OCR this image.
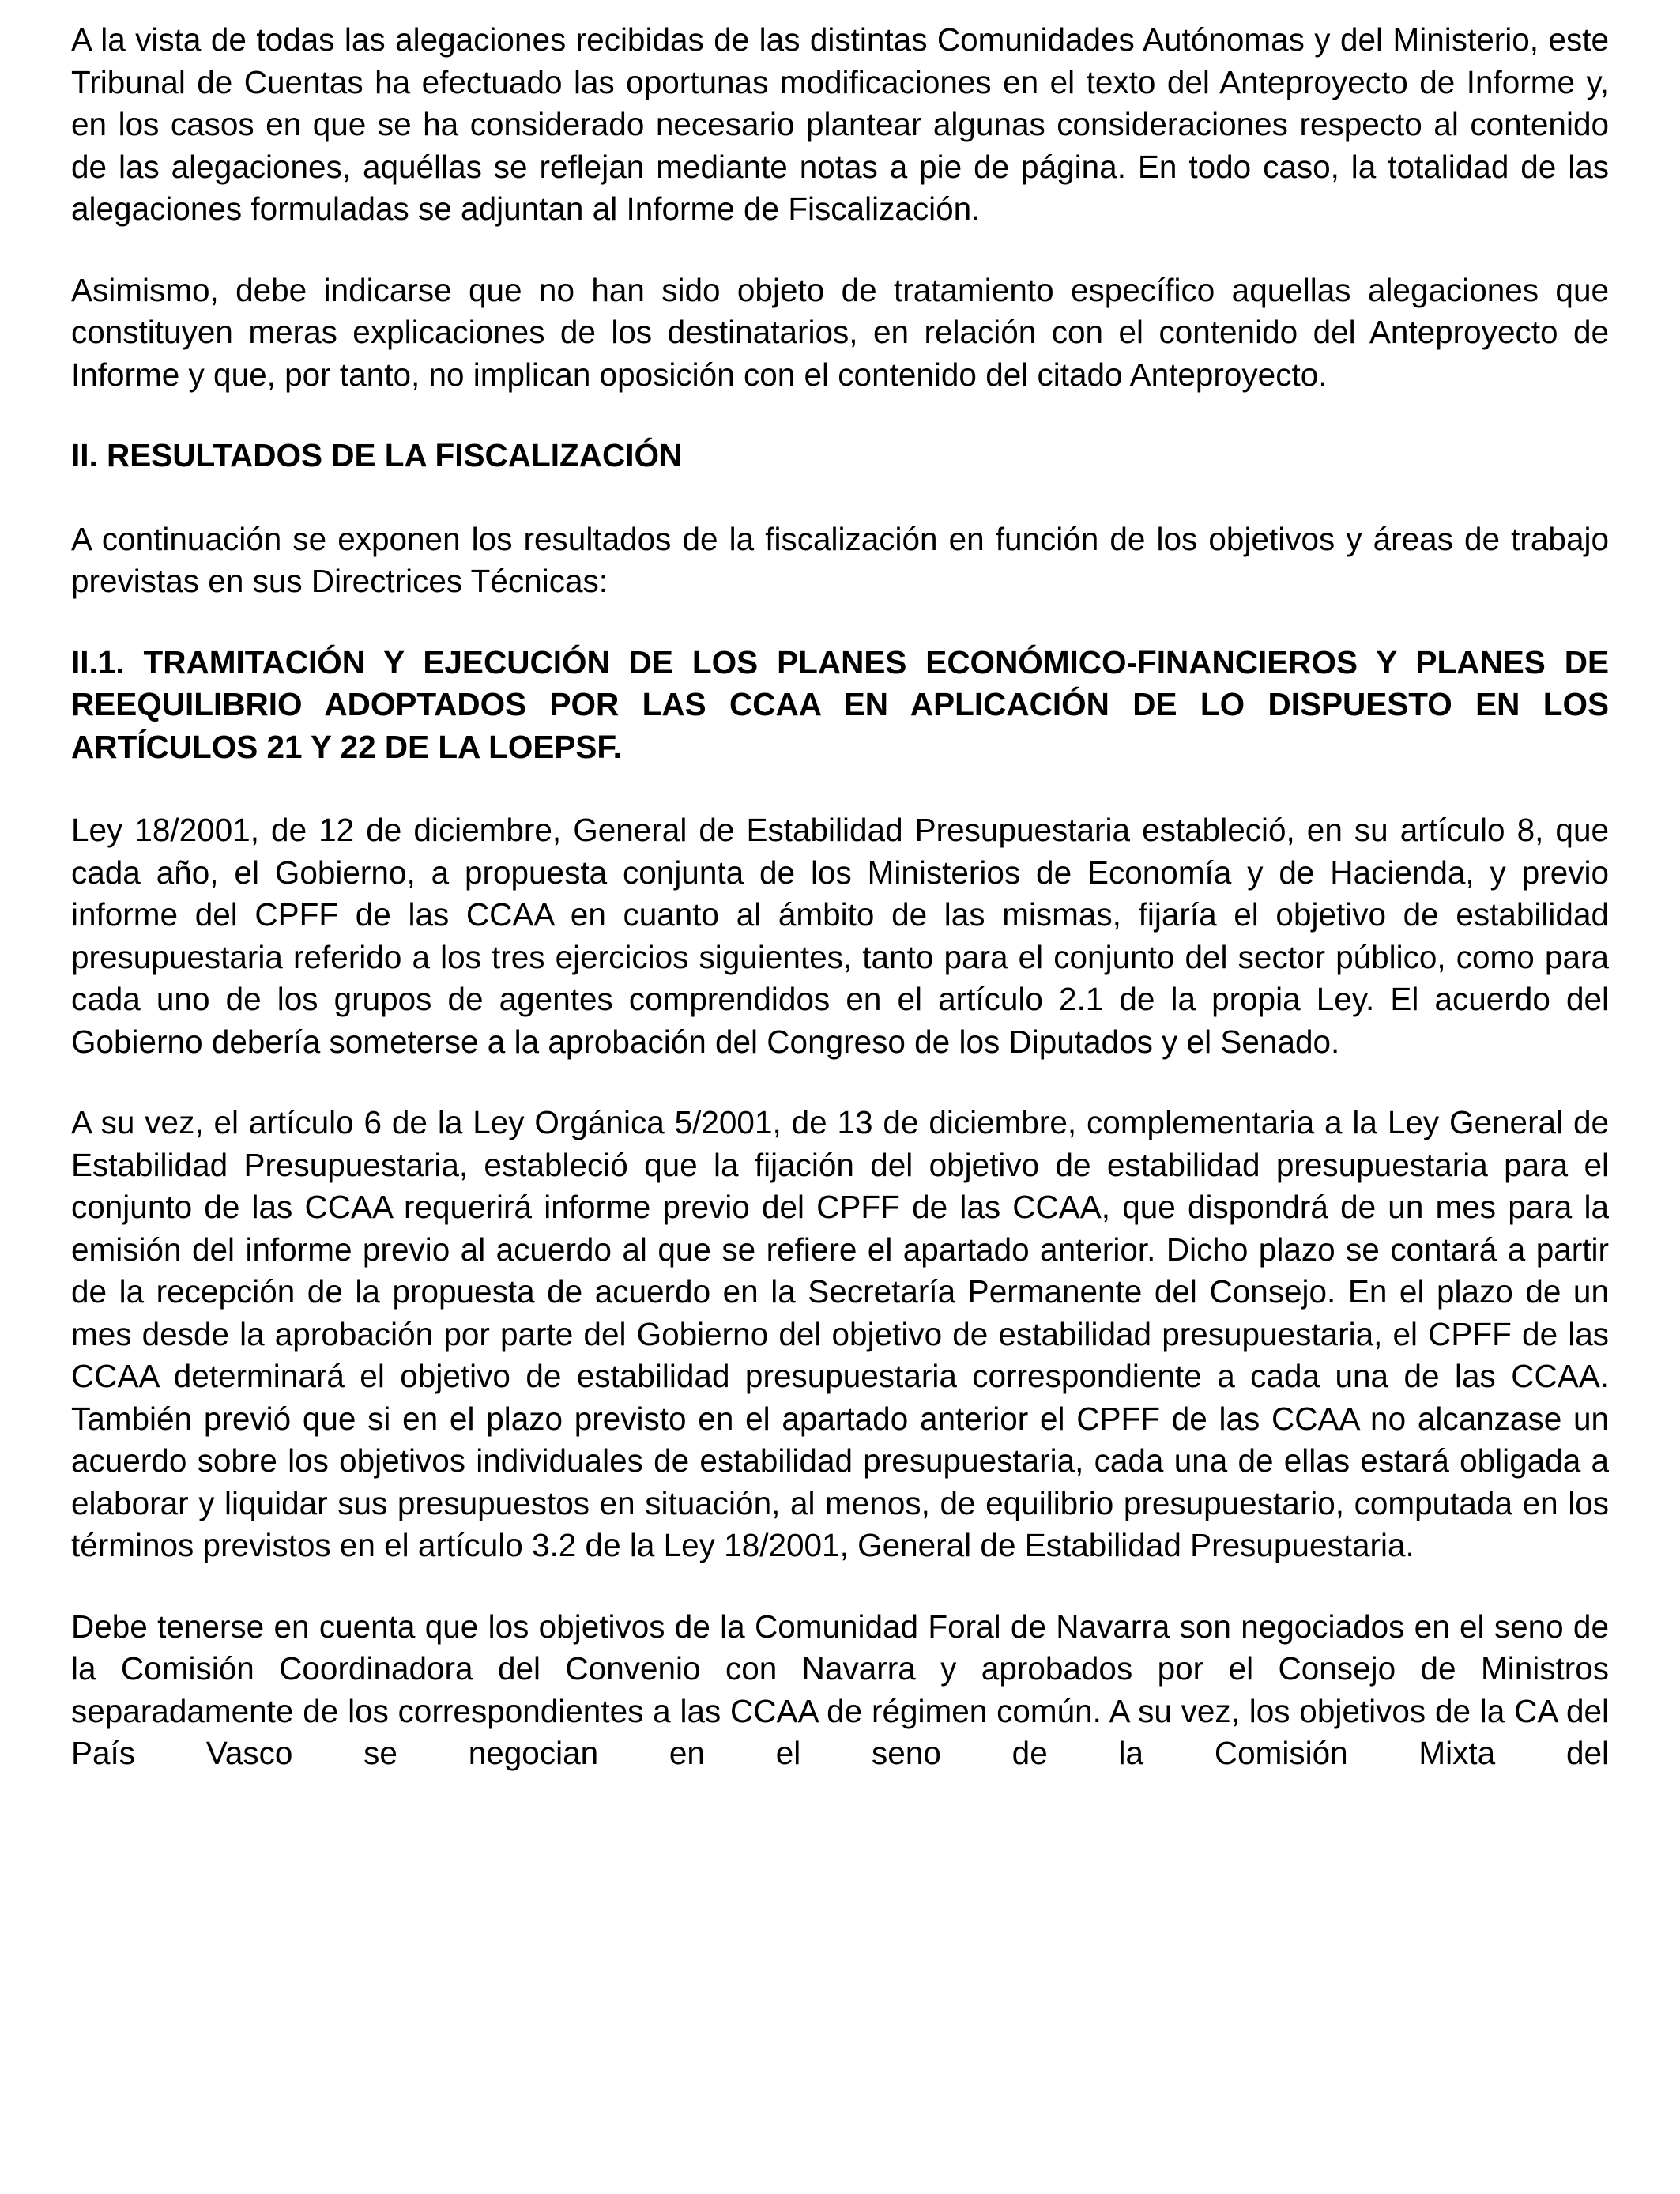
A la vista de todas las alegaciones recibidas de las distintas Comunidades Autónomas y del Ministerio, este Tribunal de Cuentas ha efectuado las oportunas modificaciones en el texto del Anteproyecto de Informe y, en los casos en que se ha considerado necesario plantear algunas consideraciones respecto al contenido de las alegaciones, aquéllas se reflejan mediante notas a pie de página. En todo caso, la totalidad de las alegaciones formuladas se adjuntan al Informe de Fiscalización.

Asimismo, debe indicarse que no han sido objeto de tratamiento específico aquellas alegaciones que constituyen meras explicaciones de los destinatarios, en relación con el contenido del Anteproyecto de Informe y que, por tanto, no implican oposición con el contenido del citado Anteproyecto.

II. RESULTADOS DE LA FISCALIZACIÓN

A continuación se exponen los resultados de la fiscalización en función de los objetivos y áreas de trabajo previstas en sus Directrices Técnicas:

II.1. TRAMITACIÓN Y EJECUCIÓN DE LOS PLANES ECONÓMICO-FINANCIEROS Y PLANES DE REEQUILIBRIO ADOPTADOS POR LAS CCAA EN APLICACIÓN DE LO DISPUESTO EN LOS ARTÍCULOS 21 Y 22 DE LA LOEPSF.

Ley 18/2001, de 12 de diciembre, General de Estabilidad Presupuestaria estableció, en su artículo 8, que cada año, el Gobierno, a propuesta conjunta de los Ministerios de Economía y de Hacienda, y previo informe del CPFF de las CCAA en cuanto al ámbito de las mismas, fijaría el objetivo de estabilidad presupuestaria referido a los tres ejercicios siguientes, tanto para el conjunto del sector público, como para cada uno de los grupos de agentes comprendidos en el artículo 2.1 de la propia Ley. El acuerdo del Gobierno debería someterse a la aprobación del Congreso de los Diputados y el Senado.

A su vez, el artículo 6 de la Ley Orgánica 5/2001, de 13 de diciembre, complementaria a la Ley General de Estabilidad Presupuestaria, estableció que la fijación del objetivo de estabilidad presupuestaria para el conjunto de las CCAA requerirá informe previo del CPFF de las CCAA, que dispondrá de un mes para la emisión del informe previo al acuerdo al que se refiere el apartado anterior. Dicho plazo se contará a partir de la recepción de la propuesta de acuerdo en la Secretaría Permanente del Consejo. En el plazo de un mes desde la aprobación por parte del Gobierno del objetivo de estabilidad presupuestaria, el CPFF de las CCAA determinará el objetivo de estabilidad presupuestaria correspondiente a cada una de las CCAA. También previó que si en el plazo previsto en el apartado anterior el CPFF de las CCAA no alcanzase un acuerdo sobre los objetivos individuales de estabilidad presupuestaria, cada una de ellas estará obligada a elaborar y liquidar sus presupuestos en situación, al menos, de equilibrio presupuestario, computada en los términos previstos en el artículo 3.2 de la Ley 18/2001, General de Estabilidad Presupuestaria.

Debe tenerse en cuenta que los objetivos de la Comunidad Foral de Navarra son negociados en el seno de la Comisión Coordinadora del Convenio con Navarra y aprobados por el Consejo de Ministros separadamente de los correspondientes a las CCAA de régimen común. A su vez, los objetivos de la CA del País Vasco se negocian en el seno de la Comisión Mixta del
